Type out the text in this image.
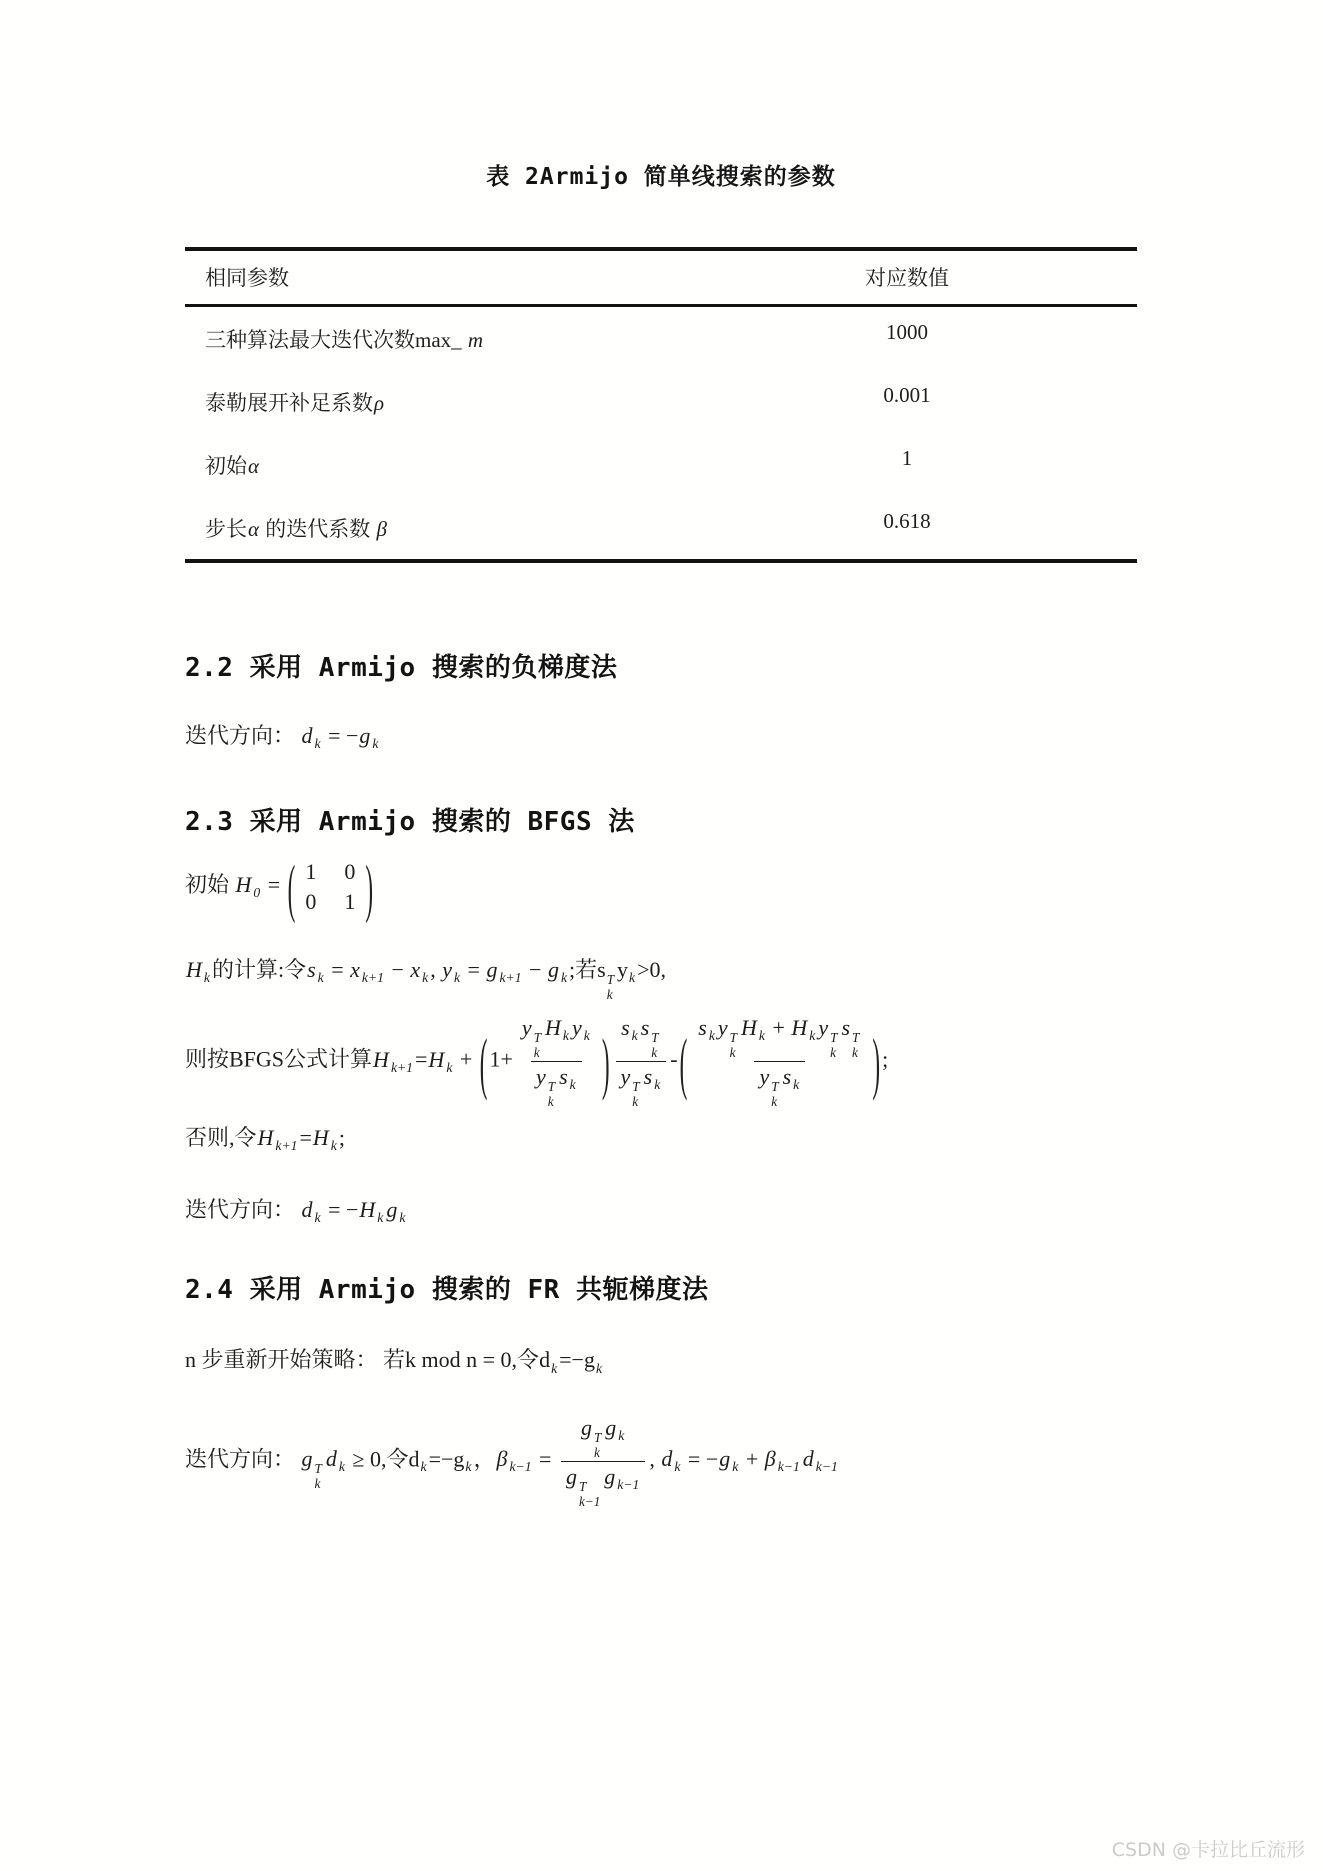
表 2Armijo 简单线搜索的参数
相同参数	对应数值
三种算法最大迭代次数max_ m	1000
泰勒展开补足系数ρ	0.001
初始α	1
步长α 的迭代系数 β	0.618
2.2 采用 Armijo 搜索的负梯度法

迭代方向： d $_k$ = −g $_k$

2.3 采用 Armijo 搜索的 BFGS 法

初始 H $_0$ = ( 1 0
0 1 )

H $_k$的计算:令s $_k$ = x $_{k+1}$ − x $_k$, y $_k$ = g $_{k+1}$ − g $_k$;若s T
k
$y_k>0$,

则按BFGS公式计算H $_{k+1}$=H $_k$ + (1+ y T
k
H $_k$ y $_k$
y T
k
s $_k$ ) s $_k$ s T
k
y T
k
s $_k$ -( s $_k$ y T
k
H $_k$ + H $_k$ y T
k
s T
k
y T
k
s $_k$ );

否则,令H $_{k+1}$=H $_k$;

迭代方向： d $_k$ = −H $_k$ g $_k$

2.4 采用 Armijo 搜索的 FR 共轭梯度法

n 步重新开始策略： 若k mod n = 0,令$d_k=-g_k$

迭代方向： g T
k
d $_k$ ≥ 0,令$d_k=-g_k$，β $_{k-1}$ = g T
k
g $_k$
g T
k−1
g $_{k-1}$ , d $_k$ = −g $_k$ + β $_{k-1}$ d $_{k-1}$

CSDN @卡拉比丘流形
